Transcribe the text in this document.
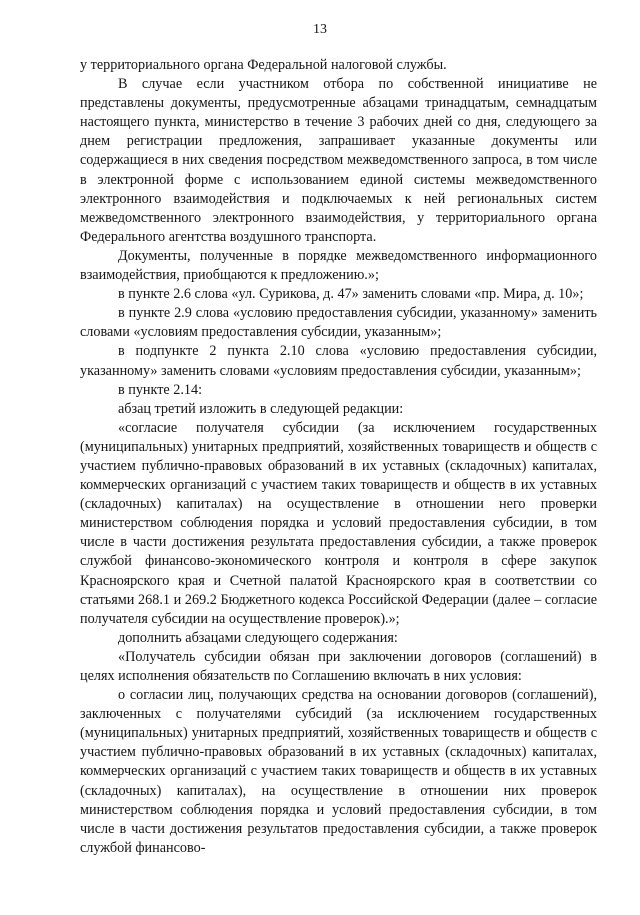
13

у территориального органа Федеральной налоговой службы.

В случае если участником отбора по собственной инициативе не представлены документы, предусмотренные абзацами тринадцатым, семнадцатым настоящего пункта, министерство в течение 3 рабочих дней со дня, следующего за днем регистрации предложения, запрашивает указанные документы или содержащиеся в них сведения посредством межведомственного запроса, в том числе в электронной форме с использованием единой системы межведомственного электронного взаимодействия и подключаемых к ней региональных систем межведомственного электронного взаимодействия, у территориального органа Федерального агентства воздушного транспорта.

Документы, полученные в порядке межведомственного информационного взаимодействия, приобщаются к предложению.»;

в пункте 2.6 слова «ул. Сурикова, д. 47» заменить словами «пр. Мира, д. 10»;

в пункте 2.9 слова «условию предоставления субсидии, указанному» заменить словами «условиям предоставления субсидии, указанным»;

в подпункте 2 пункта 2.10 слова «условию предоставления субсидии, указанному» заменить словами «условиям предоставления субсидии, указанным»;

в пункте 2.14:

абзац третий изложить в следующей редакции:

«согласие получателя субсидии (за исключением государственных (муниципальных) унитарных предприятий, хозяйственных товариществ и обществ с участием публично-правовых образований в их уставных (складочных) капиталах, коммерческих организаций с участием таких товариществ и обществ в их уставных (складочных) капиталах) на осуществление в отношении него проверки министерством соблюдения порядка и условий предоставления субсидии, в том числе в части достижения результата предоставления субсидии, а также проверок службой финансово-экономического контроля и контроля в сфере закупок Красноярского края и Счетной палатой Красноярского края в соответствии со статьями 268.1 и 269.2 Бюджетного кодекса Российской Федерации (далее – согласие получателя субсидии на осуществление проверок).»;

дополнить абзацами следующего содержания:

«Получатель субсидии обязан при заключении договоров (соглашений) в целях исполнения обязательств по Соглашению включать в них условия:

о согласии лиц, получающих средства на основании договоров (соглашений), заключенных с получателями субсидий (за исключением государственных (муниципальных) унитарных предприятий, хозяйственных товариществ и обществ с участием публично-правовых образований в их уставных (складочных) капиталах, коммерческих организаций с участием таких товариществ и обществ в их уставных (складочных) капиталах), на осуществление в отношении них проверок министерством соблюдения порядка и условий предоставления субсидии, в том числе в части достижения результатов предоставления субсидии, а также проверок службой финансово-
